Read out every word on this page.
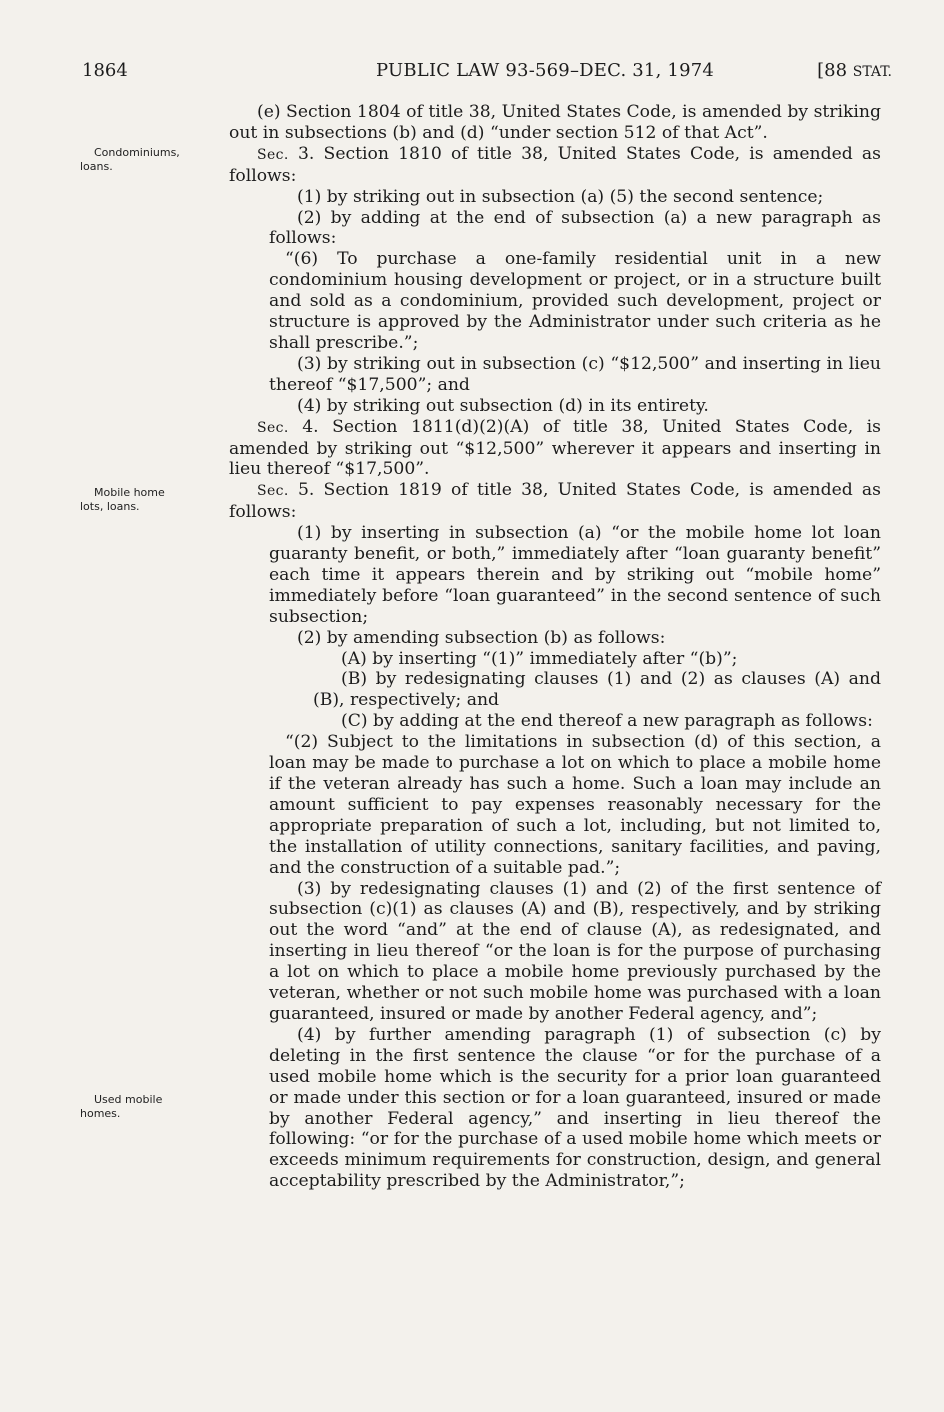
1864	PUBLIC LAW 93-569–DEC. 31, 1974	[88 STAT.
Condominiums,
loans.
Mobile home
lots, loans.
Used mobile
homes.

(e) Section 1804 of title 38, United States Code, is amended by striking out in subsections (b) and (d) “under section 512 of that Act”.

Sec. 3. Section 1810 of title 38, United States Code, is amended as follows:

(1) by striking out in subsection (a) (5) the second sentence;

(2) by adding at the end of subsection (a) a new paragraph as follows:

“(6) To purchase a one-family residential unit in a new condominium housing development or project, or in a structure built and sold as a condominium, provided such development, project or structure is approved by the Administrator under such criteria as he shall prescribe.”;

(3) by striking out in subsection (c) “$12,500” and inserting in lieu thereof “$17,500”; and

(4) by striking out subsection (d) in its entirety.

Sec. 4. Section 1811(d)(2)(A) of title 38, United States Code, is amended by striking out “$12,500” wherever it appears and inserting in lieu thereof “$17,500”.

Sec. 5. Section 1819 of title 38, United States Code, is amended as follows:

(1) by inserting in subsection (a) “or the mobile home lot loan guaranty benefit, or both,” immediately after “loan guaranty benefit” each time it appears therein and by striking out “mobile home” immediately before “loan guaranteed” in the second sentence of such subsection;

(2) by amending subsection (b) as follows:

(A) by inserting “(1)” immediately after “(b)”;

(B) by redesignating clauses (1) and (2) as clauses (A) and (B), respectively; and

(C) by adding at the end thereof a new paragraph as follows:

“(2) Subject to the limitations in subsection (d) of this section, a loan may be made to purchase a lot on which to place a mobile home if the veteran already has such a home. Such a loan may include an amount sufficient to pay expenses reasonably necessary for the appropriate preparation of such a lot, including, but not limited to, the installation of utility connections, sanitary facilities, and paving, and the construction of a suitable pad.”;

(3) by redesignating clauses (1) and (2) of the first sentence of subsection (c)(1) as clauses (A) and (B), respectively, and by striking out the word “and” at the end of clause (A), as redesignated, and inserting in lieu thereof “or the loan is for the purpose of purchasing a lot on which to place a mobile home previously purchased by the veteran, whether or not such mobile home was purchased with a loan guaranteed, insured or made by another Federal agency, and”;

(4) by further amending paragraph (1) of subsection (c) by deleting in the first sentence the clause “or for the purchase of a used mobile home which is the security for a prior loan guaranteed or made under this section or for a loan guaranteed, insured or made by another Federal agency,” and inserting in lieu thereof the following: “or for the purchase of a used mobile home which meets or exceeds minimum requirements for construction, design, and general acceptability prescribed by the Administrator,”;
